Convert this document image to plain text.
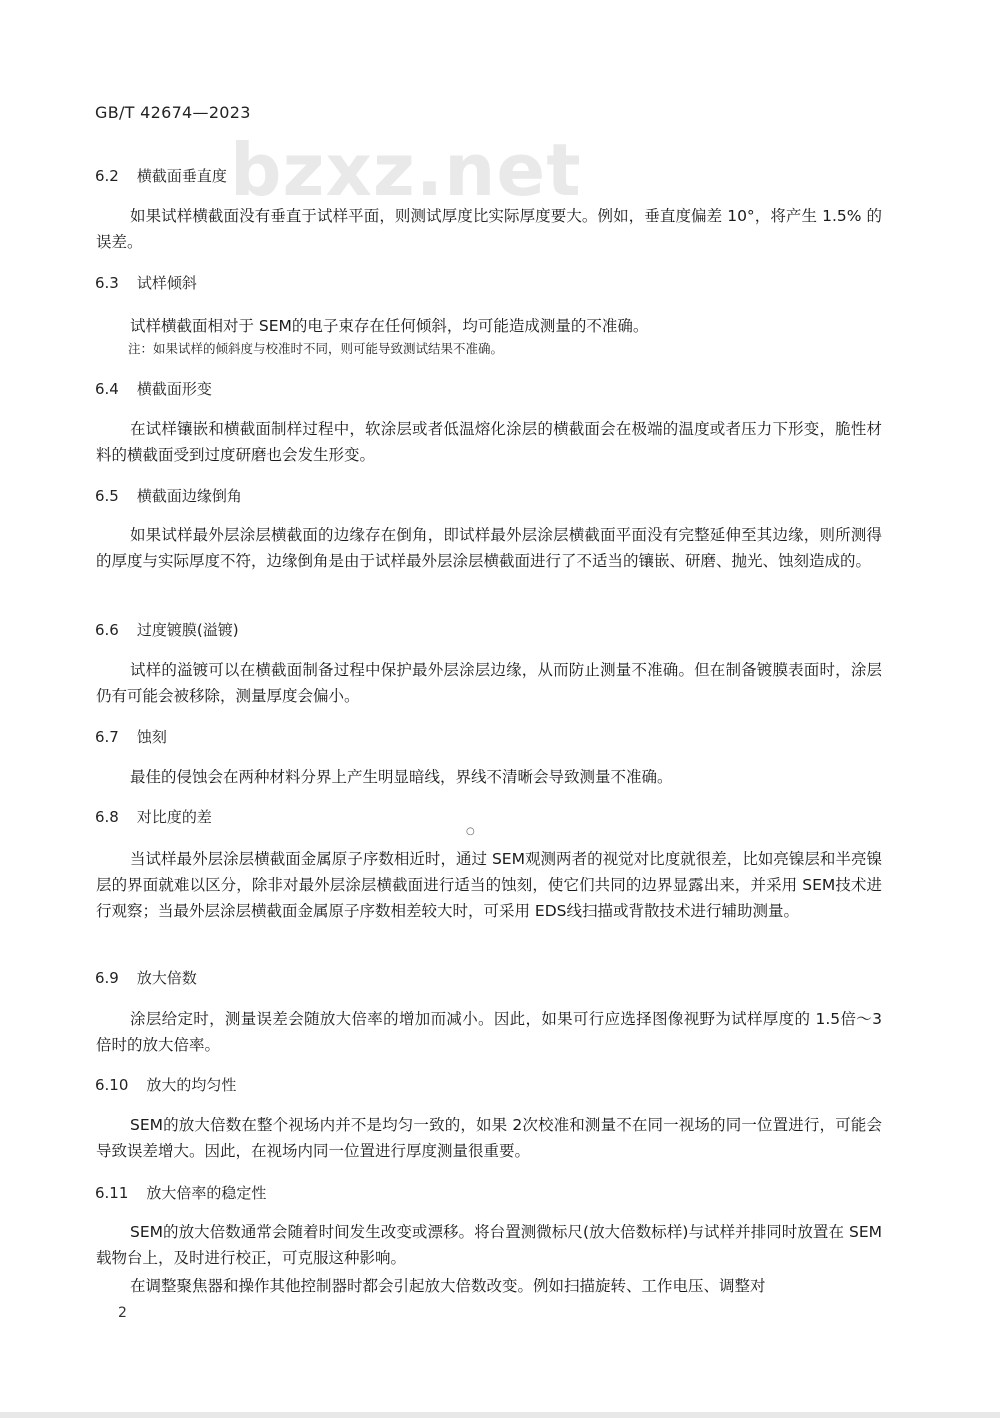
bzxz.net
GB/T 42674—2023
6.2 横截面垂直度

如果试样横截面没有垂直于试样平面，则测试厚度比实际厚度要大。例如，垂直度偏差 10°，将产生 1.5% 的误差。

6.3 试样倾斜

试样横截面相对于 SEM的电子束存在任何倾斜，均可能造成测量的不准确。

注：如果试样的倾斜度与校准时不同，则可能导致测试结果不准确。
6.4 横截面形变

在试样镶嵌和横截面制样过程中，软涂层或者低温熔化涂层的横截面会在极端的温度或者压力下形变，脆性材料的横截面受到过度研磨也会发生形变。

6.5 横截面边缘倒角

如果试样最外层涂层横截面的边缘存在倒角，即试样最外层涂层横截面平面没有完整延伸至其边缘，则所测得的厚度与实际厚度不符，边缘倒角是由于试样最外层涂层横截面进行了不适当的镶嵌、研磨、抛光、蚀刻造成的。

6.6 过度镀膜(溢镀)

试样的溢镀可以在横截面制备过程中保护最外层涂层边缘，从而防止测量不准确。但在制备镀膜表面时，涂层仍有可能会被移除，测量厚度会偏小。

6.7 蚀刻

最佳的侵蚀会在两种材料分界上产生明显暗线，界线不清晰会导致测量不准确。

6.8 对比度的差
○

当试样最外层涂层横截面金属原子序数相近时，通过 SEM观测两者的视觉对比度就很差，比如亮镍层和半亮镍层的界面就难以区分，除非对最外层涂层横截面进行适当的蚀刻，使它们共同的边界显露出来，并采用 SEM技术进行观察；当最外层涂层横截面金属原子序数相差较大时，可采用 EDS线扫描或背散技术进行辅助测量。

6.9 放大倍数

涂层给定时，测量误差会随放大倍率的增加而减小。因此，如果可行应选择图像视野为试样厚度的 1.5倍～3倍时的放大倍率。

6.10 放大的均匀性

SEM的放大倍数在整个视场内并不是均匀一致的，如果 2次校准和测量不在同一视场的同一位置进行，可能会导致误差增大。因此，在视场内同一位置进行厚度测量很重要。

6.11 放大倍率的稳定性

SEM的放大倍数通常会随着时间发生改变或漂移。将台置测微标尺(放大倍数标样)与试样并排同时放置在 SEM载物台上，及时进行校正，可克服这种影响。

在调整聚焦器和操作其他控制器时都会引起放大倍数改变。例如扫描旋转、工作电压、调整对

2
